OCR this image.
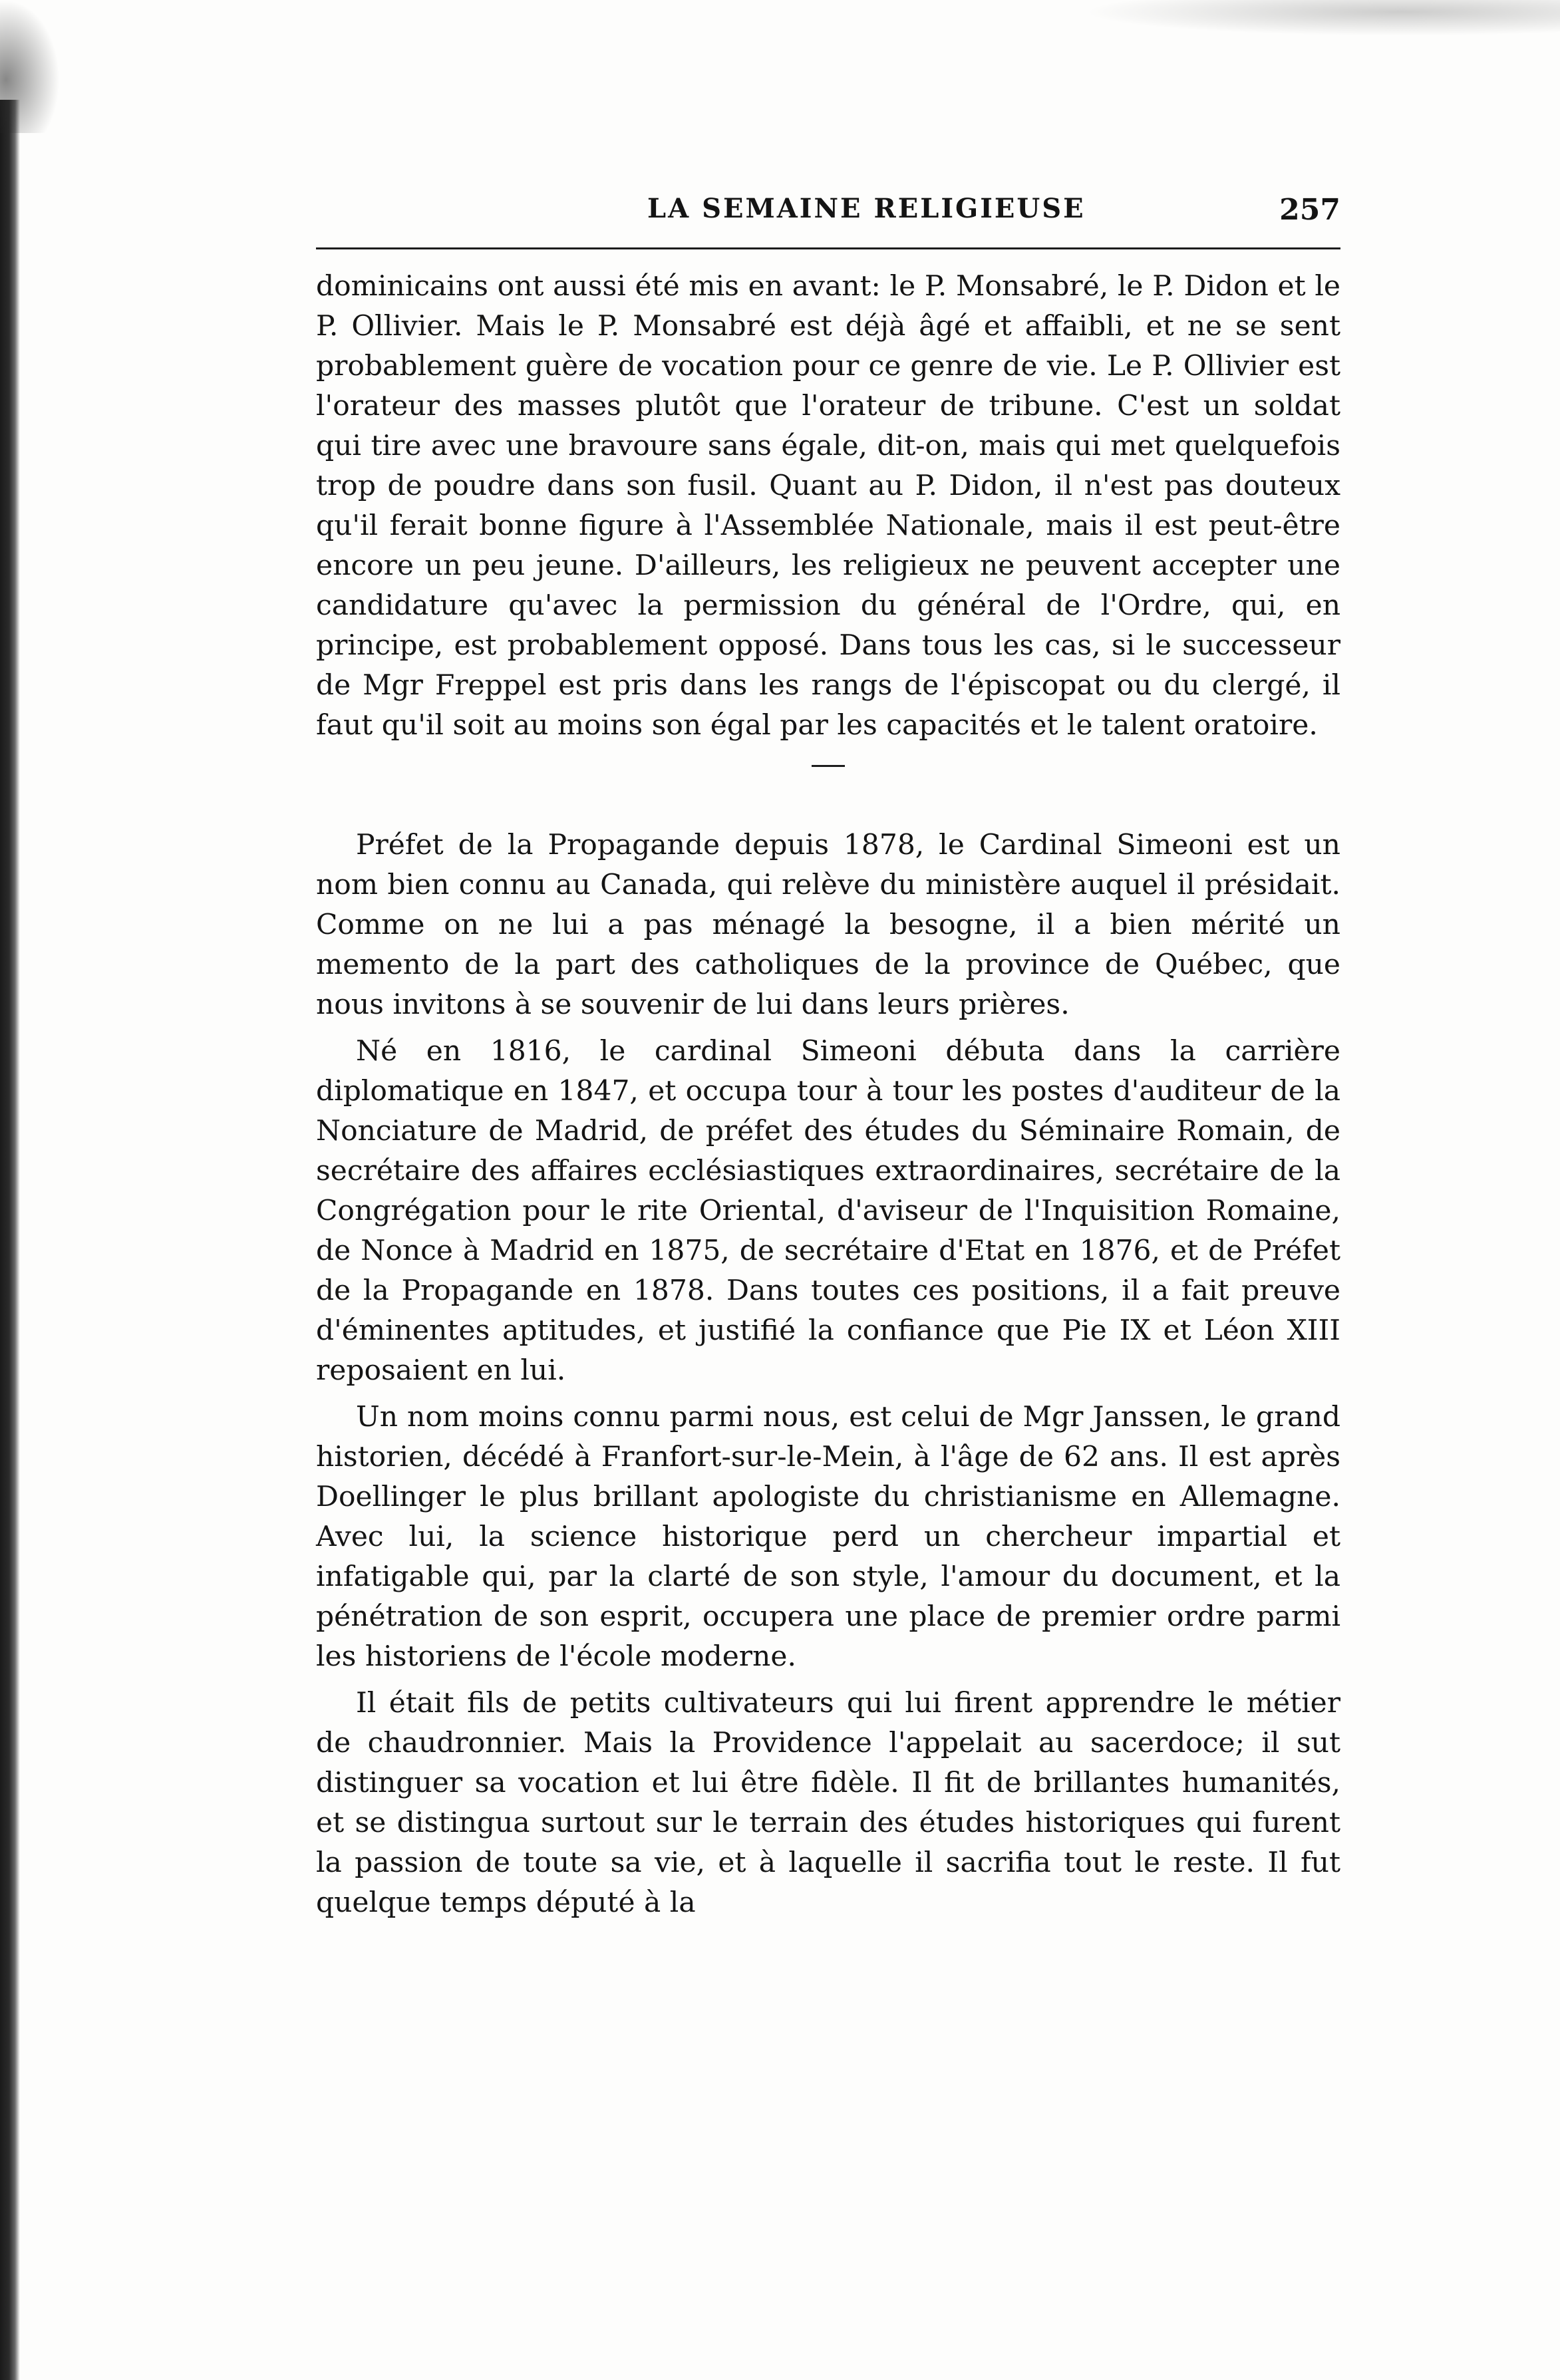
LA SEMAINE RELIGIEUSE	257

dominicains ont aussi été mis en avant: le P. Monsabré, le P. Didon et le P. Ollivier. Mais le P. Monsabré est déjà âgé et affaibli, et ne se sent probablement guère de vocation pour ce genre de vie. Le P. Ollivier est l'orateur des masses plutôt que l'orateur de tribune. C'est un soldat qui tire avec une bravoure sans égale, dit-on, mais qui met quelquefois trop de poudre dans son fusil. Quant au P. Didon, il n'est pas douteux qu'il ferait bonne figure à l'Assemblée Nationale, mais il est peut-être encore un peu jeune. D'ailleurs, les religieux ne peuvent accepter une candidature qu'avec la permission du général de l'Ordre, qui, en principe, est probablement opposé. Dans tous les cas, si le successeur de Mgr Freppel est pris dans les rangs de l'épiscopat ou du clergé, il faut qu'il soit au moins son égal par les capacités et le talent oratoire.

Préfet de la Propagande depuis 1878, le Cardinal Simeoni est un nom bien connu au Canada, qui relève du ministère auquel il présidait. Comme on ne lui a pas ménagé la besogne, il a bien mérité un memento de la part des catholiques de la province de Québec, que nous invitons à se souvenir de lui dans leurs prières.

Né en 1816, le cardinal Simeoni débuta dans la carrière diplomatique en 1847, et occupa tour à tour les postes d'auditeur de la Nonciature de Madrid, de préfet des études du Séminaire Romain, de secrétaire des affaires ecclésiastiques extraordinaires, secrétaire de la Congrégation pour le rite Oriental, d'aviseur de l'Inquisition Romaine, de Nonce à Madrid en 1875, de secrétaire d'Etat en 1876, et de Préfet de la Propagande en 1878. Dans toutes ces positions, il a fait preuve d'éminentes aptitudes, et justifié la confiance que Pie IX et Léon XIII reposaient en lui.

Un nom moins connu parmi nous, est celui de Mgr Janssen, le grand historien, décédé à Franfort-sur-le-Mein, à l'âge de 62 ans. Il est après Doellinger le plus brillant apologiste du christianisme en Allemagne. Avec lui, la science historique perd un chercheur impartial et infatigable qui, par la clarté de son style, l'amour du document, et la pénétration de son esprit, occupera une place de premier ordre parmi les historiens de l'école moderne.

Il était fils de petits cultivateurs qui lui firent apprendre le métier de chaudronnier. Mais la Providence l'appelait au sacerdoce; il sut distinguer sa vocation et lui être fidèle. Il fit de brillantes humanités, et se distingua surtout sur le terrain des études historiques qui furent la passion de toute sa vie, et à laquelle il sacrifia tout le reste. Il fut quelque temps député à la
